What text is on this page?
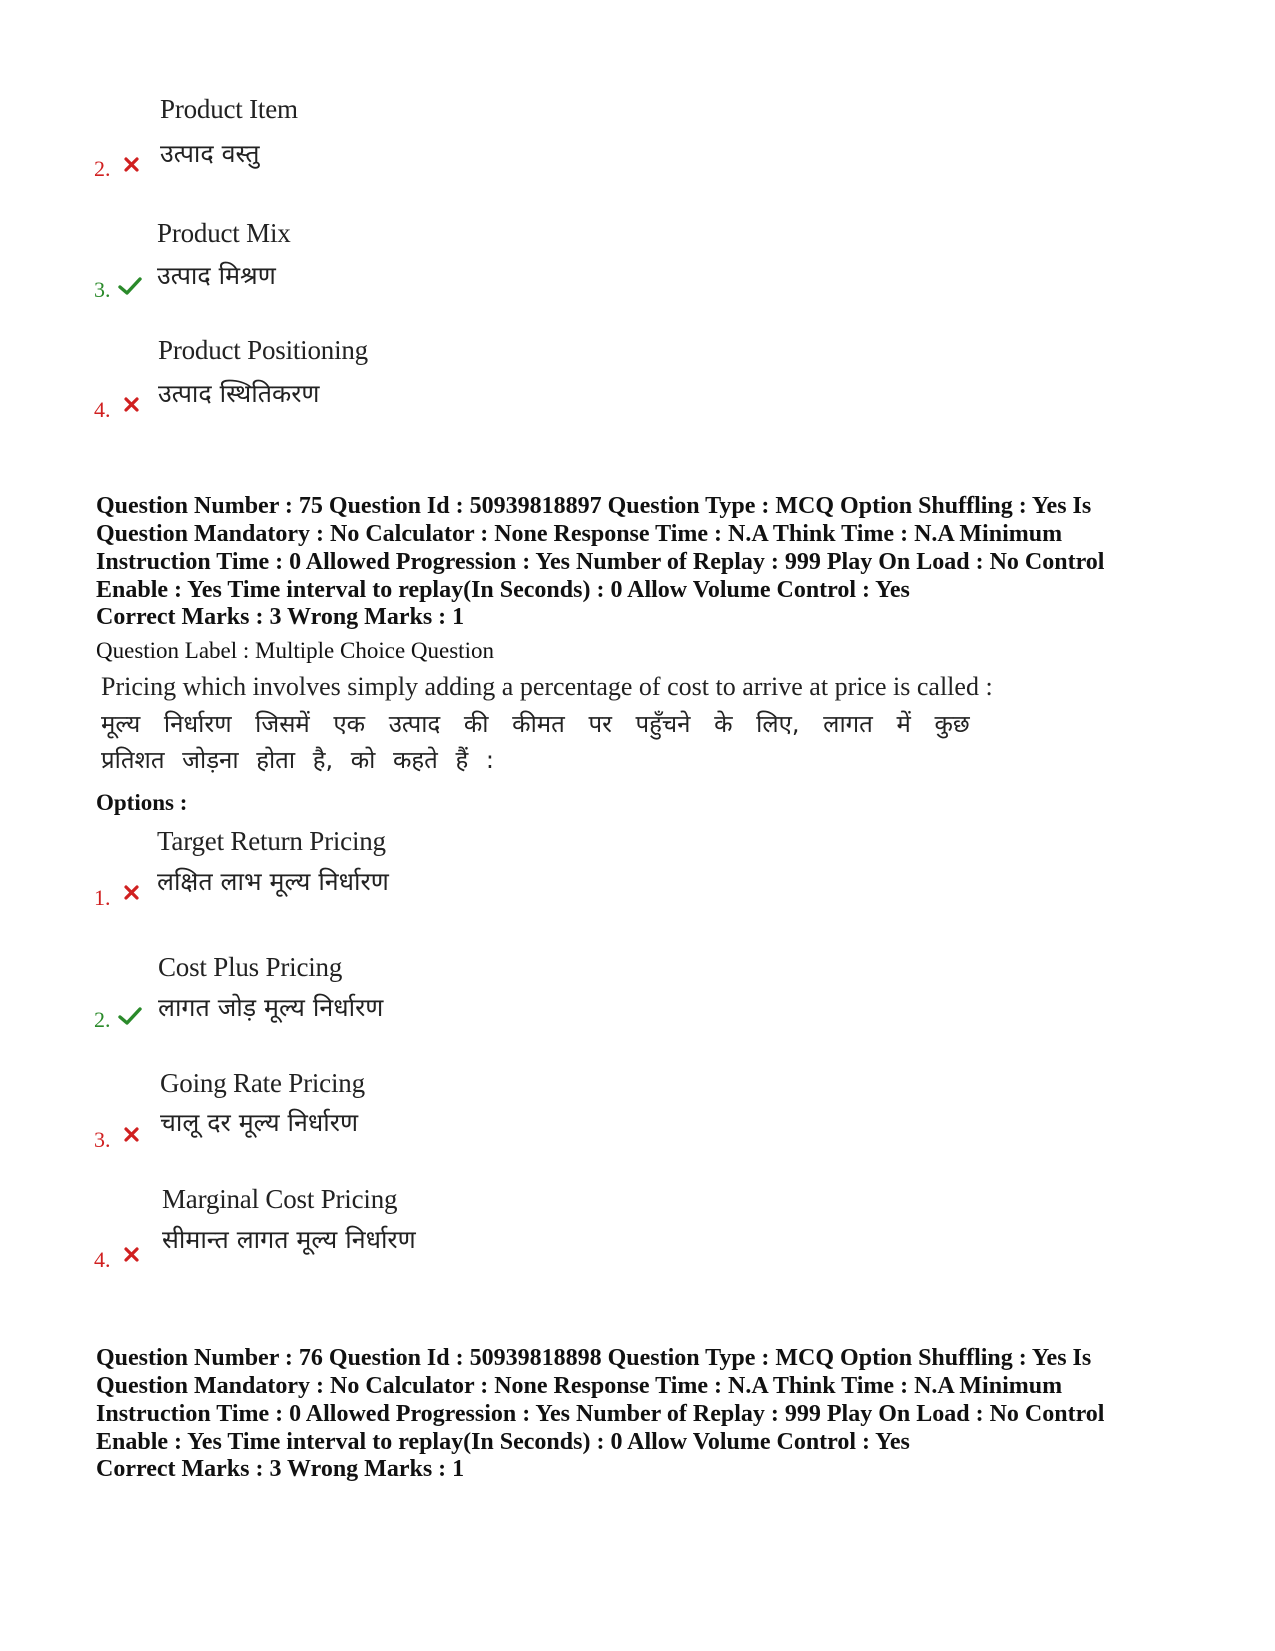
Product Item
उत्पाद वस्तु
2.
Product Mix
उत्पाद मिश्रण
3.
Product Positioning
उत्पाद स्थितिकरण
4.

Question Number : 75 Question Id : 50939818897 Question Type : MCQ Option Shuffling : Yes Is

Question Mandatory : No Calculator : None Response Time : N.A Think Time : N.A Minimum

Instruction Time : 0 Allowed Progression : Yes Number of Replay : 999 Play On Load : No Control

Enable : Yes Time interval to replay(In Seconds) : 0 Allow Volume Control : Yes

Correct Marks : 3 Wrong Marks : 1
Question Label : Multiple Choice Question
Pricing which involves simply adding a percentage of cost to arrive at price is called :
मूल्य निर्धारण जिसमें एक उत्पाद की कीमत पर पहुँचने के लिए, लागत में कुछ
प्रतिशत जोड़ना होता है, को कहते हैं :
Options :
Target Return Pricing
लक्षित लाभ मूल्य निर्धारण
1.
Cost Plus Pricing
लागत जोड़ मूल्य निर्धारण
2.
Going Rate Pricing
चालू दर मूल्य निर्धारण
3.
Marginal Cost Pricing
सीमान्त लागत मूल्य निर्धारण
4.

Question Number : 76 Question Id : 50939818898 Question Type : MCQ Option Shuffling : Yes Is

Question Mandatory : No Calculator : None Response Time : N.A Think Time : N.A Minimum

Instruction Time : 0 Allowed Progression : Yes Number of Replay : 999 Play On Load : No Control

Enable : Yes Time interval to replay(In Seconds) : 0 Allow Volume Control : Yes

Correct Marks : 3 Wrong Marks : 1
